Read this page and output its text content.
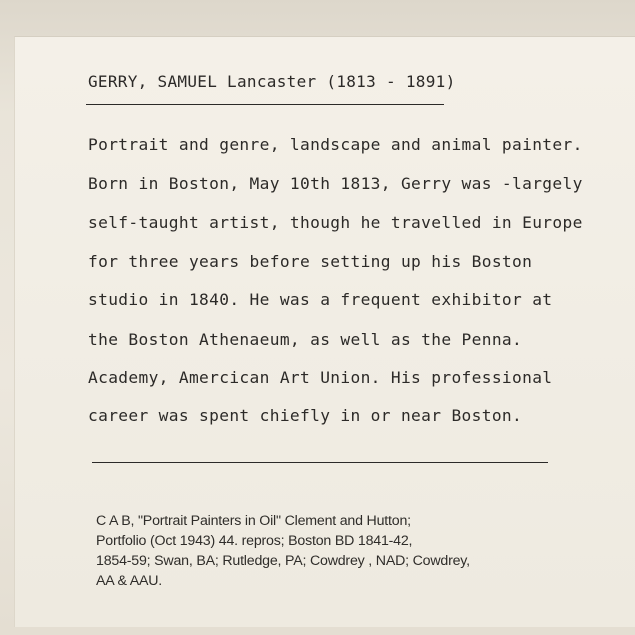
GERRY, SAMUEL Lancaster (1813 - 1891)
Portrait and genre, landscape and animal painter.
Born in Boston, May 10th 1813, Gerry was -largely
self-taught artist, though he travelled in Europe
for three years before setting up his Boston
studio in 1840. He was a frequent exhibitor at
the Boston Athenaeum, as well as the Penna.
Academy, Amercican Art Union. His professional
career was spent chiefly in or near Boston.
C A B, "Portrait Painters in Oil" Clement and Hutton;
Portfolio (Oct 1943) 44. repros; Boston BD 1841-42,
1854-59; Swan, BA; Rutledge, PA; Cowdrey , NAD; Cowdrey,
AA & AAU.
